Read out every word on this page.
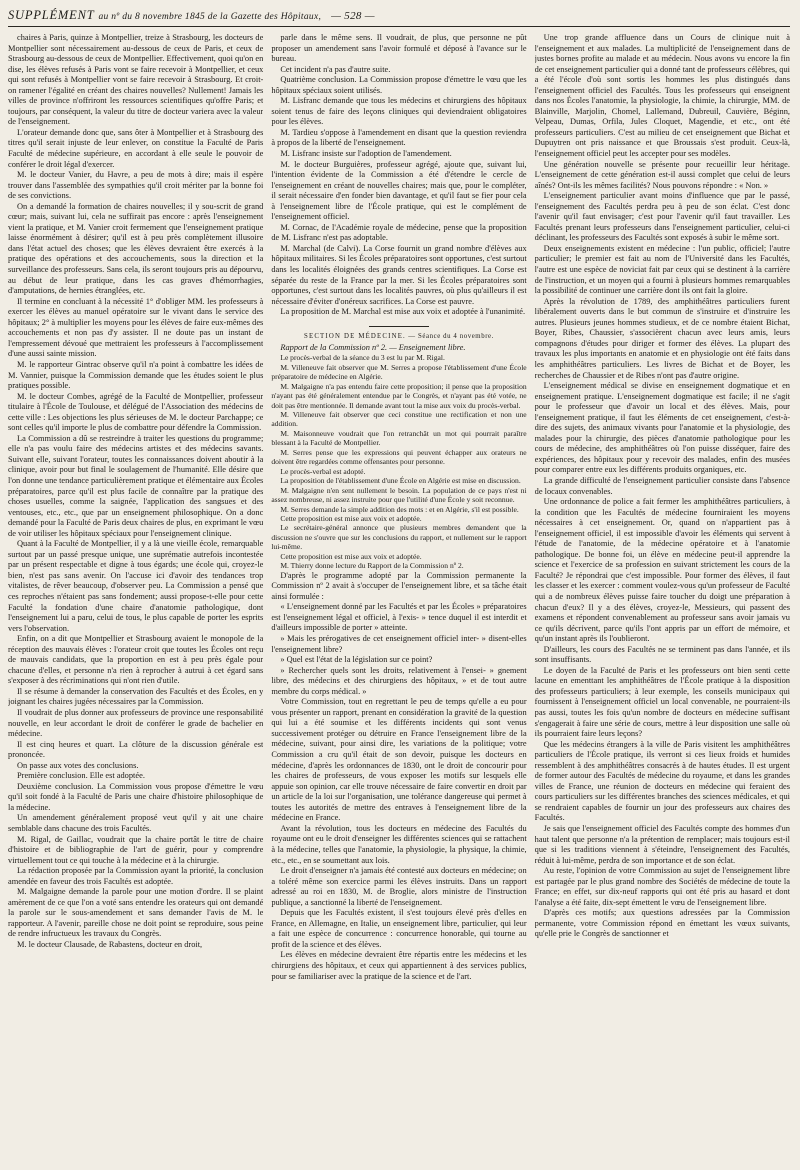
SUPPLÉMENT au nº du 8 novembre 1845 de la Gazette des Hôpitaux, — 528 —

chaires à Paris, quinze à Montpellier, treize à Strasbourg, les docteurs de Montpellier sont nécessairement au-dessous de ceux de Paris, et ceux de Strasbourg au-dessous de ceux de Montpellier. Effectivement, quoi qu'on en dise, les élèves refusés à Paris vont se faire recevoir à Montpellier, et ceux qui sont refusés à Montpellier vont se faire recevoir à Strasbourg. Et croit-on ramener l'égalité en créant des chaires nouvelles? Nullement! Jamais les villes de province n'offriront les ressources scientifiques qu'offre Paris; et toujours, par conséquent, la valeur du titre de docteur variera avec la valeur de l'enseignement.

L'orateur demande donc que, sans ôter à Montpellier et à Strasbourg des titres qu'il serait injuste de leur enlever, on constitue la Faculté de Paris Faculté de médecine supérieure, en accordant à elle seule le pouvoir de conférer le droit légal d'exercer.

M. le docteur Vanier, du Havre, a peu de mots à dire; mais il espère trouver dans l'assemblée des sympathies qu'il croit mériter par la bonne foi de ses convictions.

On a demandé la formation de chaires nouvelles; il y sou-scrit de grand cœur; mais, suivant lui, cela ne suffirait pas encore : après l'enseignement vient la pratique, et M. Vanier croit fermement que l'enseignement pratique laisse énormément à désirer; qu'il est à peu près complètement illusoire dans l'état actuel des choses; que les élèves devraient être exercés à la pratique des opérations et des accouchements, sous la direction et la surveillance des professeurs. Sans cela, ils seront toujours pris au dépourvu, au début de leur pratique, dans les cas graves d'hémorrhagies, d'amputations, de hernies étranglées, etc.

Il termine en concluant à la nécessité 1° d'obliger MM. les professeurs à exercer les élèves au manuel opératoire sur le vivant dans le service des hôpitaux; 2° à multiplier les moyens pour les élèves de faire eux-mêmes des accouchements et non pas d'y assister. Il ne doute pas un instant de l'empressement dévoué que mettraient les professeurs à l'accomplissement d'une aussi sainte mission.

M. le rapporteur Gintrac observe qu'il n'a point à combattre les idées de M. Vannier, puisque la Commission demande que les études soient le plus pratiques possible.

M. le docteur Combes, agrégé de la Faculté de Montpellier, professeur titulaire à l'École de Toulouse, et délégué de l'Association des médecins de cette ville : Les objections les plus sérieuses de M. le docteur Parchappe; ce sont celles qu'il importe le plus de combattre pour défendre la Commission.

La Commission a dû se restreindre à traiter les questions du programme; elle n'a pas voulu faire des médecins artistes et des médecins savants. Suivant elle, suivant l'orateur, toutes les connaissances doivent aboutir à la clinique, avoir pour but final le soulagement de l'humanité. Elle désire que l'on donne une tendance particulièrement pratique et élémentaire aux Écoles préparatoires, parce qu'il est plus facile de connaître par la pratique des choses usuelles, comme la saignée, l'application des sangsues et des ventouses, etc., etc., que par un enseignement philosophique. On a donc demandé pour la Faculté de Paris deux chaires de plus, en exprimant le vœu de voir utiliser les hôpitaux spéciaux pour l'enseignement clinique.

Quant à la Faculté de Montpellier, il y a là une vieille école, remarquable surtout par un passé presque unique, une suprématie autrefois incontestée par un présent respectable et digne à tous égards; une école qui, croyez-le bien, n'est pas sans avenir. On l'accuse ici d'avoir des tendances trop vitalistes, de rêver beaucoup, d'observer peu. La Commission a pensé que ces reproches n'étaient pas sans fondement; aussi propose-t-elle pour cette Faculté la fondation d'une chaire d'anatomie pathologique, dont l'enseignement lui a paru, celui de tous, le plus capable de porter les esprits vers l'observation.

Enfin, on a dit que Montpellier et Strasbourg avaient le monopole de la réception des mauvais élèves : l'orateur croit que toutes les Écoles ont reçu de mauvais candidats, que la proportion en est à peu près égale pour chacune d'elles, et personne n'a rien à reprocher à autrui à cet égard sans s'exposer à des récriminations qui n'ont rien d'utile.

Il se résume à demander la conservation des Facultés et des Écoles, en y joignant les chaires jugées nécessaires par la Commission.

Il voudrait de plus donner aux professeurs de province une responsabilité nouvelle, en leur accordant le droit de conférer le grade de bachelier en médecine.

Il est cinq heures et quart. La clôture de la discussion générale est prononcée.

On passe aux votes des conclusions.

Première conclusion. Elle est adoptée.

Deuxième conclusion. La Commission vous propose d'émettre le vœu qu'il soit fondé à la Faculté de Paris une chaire d'histoire philosophique de la médecine.

Un amendement généralement proposé veut qu'il y ait une chaire semblable dans chacune des trois Facultés.

M. Rigal, de Gaillac, voudrait que la chaire portât le titre de chaire d'histoire et de bibliographie de l'art de guérir, pour y comprendre virtuellement tout ce qui touche à la médecine et à la chirurgie.

La rédaction proposée par la Commission ayant la priorité, la conclusion amendée en faveur des trois Facultés est adoptée.

M. Malgaigne demande la parole pour une motion d'ordre. Il se plaint amèrement de ce que l'on a voté sans entendre les orateurs qui ont demandé la parole sur le sous-amendement et sans demander l'avis de M. le rapporteur. A l'avenir, pareille chose ne doit point se reproduire, sous peine de rendre infructueux les travaux du Congrès.

M. le docteur Clausade, de Rabastens, docteur en droit,

parle dans le même sens. Il voudrait, de plus, que personne ne pût proposer un amendement sans l'avoir formulé et déposé à l'avance sur le bureau.

Cet incident n'a pas d'autre suite.

Quatrième conclusion. La Commission propose d'émettre le vœu que les hôpitaux spéciaux soient utilisés.

M. Lisfranc demande que tous les médecins et chirurgiens des hôpitaux soient tenus de faire des leçons cliniques qui deviendraient obligatoires pour les élèves.

M. Tardieu s'oppose à l'amendement en disant que la question reviendra à propos de la liberté de l'enseignement.

M. Lisfranc insiste sur l'adoption de l'amendement.

M. le docteur Burguières, professeur agrégé, ajoute que, suivant lui, l'intention évidente de la Commission a été d'étendre le cercle de l'enseignement en créant de nouvelles chaires; mais que, pour le compléter, il serait nécessaire d'en fonder bien davantage, et qu'il faut se fier pour cela à l'enseignement libre de l'École pratique, qui est le complément de l'enseignement officiel.

M. Cornac, de l'Académie royale de médecine, pense que la proposition de M. Lisfranc n'est pas adoptable.

M. Marchal (de Calvi). La Corse fournit un grand nombre d'élèves aux hôpitaux militaires. Si les Écoles préparatoires sont opportunes, c'est surtout dans les localités éloignées des grands centres scientifiques. La Corse est séparée du reste de la France par la mer. Si les Écoles préparatoires sont opportunes, c'est surtout dans les localités pauvres, où plus qu'ailleurs il est nécessaire d'éviter d'onéreux sacrifices. La Corse est pauvre.

La proposition de M. Marchal est mise aux voix et adoptée à l'unanimité.

SECTION DE MÉDECINE. — Séance du 4 novembre.

Rapport de la Commission nº 2. — Enseignement libre.

Le procès-verbal de la séance du 3 est lu par M. Rigal.

M. Villeneuve fait observer que M. Serres a propose l'établissement d'une École préparatoire de médecine en Algérie.

M. Malgaigne n'a pas entendu faire cette proposition; il pense que la proposition n'ayant pas été généralement entendue par le Congrès, et n'ayant pas été votée, ne doit pas être mentionnée. Il demande avant tout la mise aux voix du procès-verbal.

M. Villeneuve fait observer que ceci constitue une rectification et non une addition.

M. Maisonneuve voudrait que l'on retranchât un mot qui pourrait paraître blessant à la Faculté de Montpellier.

M. Serres pense que les expressions qui peuvent échapper aux orateurs ne doivent être regardées comme offensantes pour personne.

Le procès-verbal est adopté.

La proposition de l'établissement d'une École en Algérie est mise en discussion.

M. Malgaigne n'en sent nullement le besoin. La population de ce pays n'est ni assez nombreuse, ni assez instruite pour que l'utilité d'une École y soit reconnue.

M. Serres demande la simple addition des mots : et en Algérie, s'il est possible.

Cette proposition est mise aux voix et adoptée.

Le secrétaire-général annonce que plusieurs membres demandent que la discussion ne s'ouvre que sur les conclusions du rapport, et nullement sur le rapport lui-même.

Cette proposition est mise aux voix et adoptée.

M. Thierry donne lecture du Rapport de la Commission nº 2.

D'après le programme adopté par la Commission permanente la Commission nº 2 avait à s'occuper de l'enseignement libre, et sa tâche était ainsi formulée :

« L'enseignement donné par les Facultés et par les Écoles » préparatoires est l'enseignement légal et officiel, à l'exis- » tence duquel il est interdit et d'ailleurs impossible de porter » atteinte.

» Mais les prérogatives de cet enseignement officiel inter- » disent-elles l'enseignement libre?

» Quel est l'état de la législation sur ce point?

» Rechercher quels sont les droits, relativement à l'ensei- » gnement libre, des médecins et des chirurgiens des hôpitaux, » et de tout autre membre du corps médical. »

Votre Commission, tout en regrettant le peu de temps qu'elle a eu pour vous présenter un rapport, prenant en considération la gravité de la question qui lui a été soumise et les différents incidents qui sont venus successivement protéger ou détruire en France l'enseignement libre de la médecine, suivant, pour ainsi dire, les variations de la politique; votre Commission a cru qu'il était de son devoir, puisque les docteurs en médecine, d'après les ordonnances de 1830, ont le droit de concourir pour les chaires de professeurs, de vous exposer les motifs sur lesquels elle appuie son opinion, car elle trouve nécessaire de faire convertir en droit par un article de la loi sur l'organisation, une tolérance dangereuse qui permet à toutes les autorités de mettre des entraves à l'enseignement libre de la médecine en France.

Avant la révolution, tous les docteurs en médecine des Facultés du royaume ont eu le droit d'enseigner les différentes sciences qui se rattachent à la médecine, telles que l'anatomie, la physiologie, la physique, la chimie, etc., etc., en se soumettant aux lois.

Le droit d'enseigner n'a jamais été contesté aux docteurs en médecine; on a toléré même son exercice parmi les élèves instruits. Dans un rapport adressé au roi en 1830, M. de Broglie, alors ministre de l'instruction publique, a sanctionné la liberté de l'enseignement.

Depuis que les Facultés existent, il s'est toujours élevé près d'elles en France, en Allemagne, en Italie, un enseignement libre, particulier, qui leur a fait une espèce de concurrence : concurrence honorable, qui tourne au profit de la science et des élèves.

Les élèves en médecine devraient être répartis entre les médecins et les chirurgiens des hôpitaux, et ceux qui appartiennent à des services publics, pour se familiariser avec la pratique de la science et de l'art.

Une trop grande affluence dans un Cours de clinique nuit à l'enseignement et aux malades. La multiplicité de l'enseignement dans de justes bornes profite au malade et au médecin. Nous avons vu encore la fin de cet enseignement particulier qui a donné tant de professeurs célèbres, qui a été l'école d'où sont sortis les hommes les plus distingués dans l'enseignement officiel des Facultés. Tous les professeurs qui enseignent dans nos Écoles l'anatomie, la physiologie, la chimie, la chirurgie, MM. de Blainville, Marjolin, Chomel, Lallemand, Dubreuil, Cauvière, Béginn, Velpeau, Dumas, Orfila, Jules Cloquet, Magendie, et etc., ont été professeurs particuliers. C'est au milieu de cet enseignement que Bichat et Dupuytren ont pris naissance et que Broussais s'est produit. Ceux-là, l'enseignement officiel peut les accepter pour ses modèles.

Une génération nouvelle se présente pour recueillir leur héritage. L'enseignement de cette génération est-il aussi complet que celui de leurs aînés? Ont-ils les mêmes facilités? Nous pouvons répondre : « Non. »

L'enseignement particulier avant moins d'influence que par le passé, l'enseignement des Facultés perdra peu à peu de son éclat. C'est donc l'avenir qu'il faut envisager; c'est pour l'avenir qu'il faut travailler. Les Facultés prenant leurs professeurs dans l'enseignement particulier, celui-ci déclinant, les professeurs des Facultés sont exposés à subir le même sort.

Deux enseignements existent en médecine : l'un public, officiel; l'autre particulier; le premier est fait au nom de l'Université dans les Facultés, l'autre est une espèce de noviciat fait par ceux qui se destinent à la carrière de l'instruction, et un moyen qui a fourni à plusieurs hommes remarquables la possibilité de continuer une carrière dont ils ont fait la gloire.

Après la révolution de 1789, des amphithéâtres particuliers furent libéralement ouverts dans le but commun de s'instruire et d'instruire les autres. Plusieurs jeunes hommes studieux, et de ce nombre étaient Bichat, Boyer, Ribes, Chaussier, s'associèrent chacun avec leurs amis, leurs compagnons d'études pour diriger et former des élèves. La plupart des travaux les plus importants en anatomie et en physiologie ont été faits dans les amphithéâtres particuliers. Les livres de Bichat et de Boyer, les recherches de Chaussier et de Ribes n'ont pas d'autre origine.

L'enseignement médical se divise en enseignement dogmatique et en enseignement pratique. L'enseignement dogmatique est facile; il ne s'agit pour le professeur que d'avoir un local et des élèves. Mais, pour l'enseignement pratique, il faut les éléments de cet enseignement, c'est-à-dire des sujets, des animaux vivants pour l'anatomie et la physiologie, des malades pour la chirurgie, des pièces d'anatomie pathologique pour les cours de médecine, des amphithéâtres où l'on puisse disséquer, faire des expériences, des hôpitaux pour y recevoir des malades, enfin des musées pour comparer entre eux les différents produits organiques, etc.

La grande difficulté de l'enseignement particulier consiste dans l'absence de locaux convenables.

Une ordonnance de police a fait fermer les amphithéâtres particuliers, à la condition que les Facultés de médecine fourniraient les moyens nécessaires à cet enseignement. Or, quand on n'appartient pas à l'enseignement officiel, il est impossible d'avoir les éléments qui servent à l'étude de l'anatomie, de la médecine opératoire et à l'anatomie pathologique. De bonne foi, un élève en médecine peut-il apprendre la science et l'exercice de sa profession en suivant strictement les cours de la Faculté? Je répondrai que c'est impossible. Pour former des élèves, il faut les classer et les exercer : comment voulez-vous qu'un professeur de Faculté qui a de nombreux élèves puisse faire toucher du doigt une préparation à chacun d'eux? Il y a des élèves, croyez-le, Messieurs, qui passent des examens et répondent convenablement au professeur sans avoir jamais vu ce qu'ils décrivent, parce qu'ils l'ont appris par un effort de mémoire, et qu'un instant après ils l'oublieront.

D'ailleurs, les cours des Facultés ne se terminent pas dans l'année, et ils sont insuffisants.

Le doyen de la Faculté de Paris et les professeurs ont bien senti cette lacune en ementtant les amphithéâtres de l'École pratique à la disposition des professeurs particuliers; à leur exemple, les conseils municipaux qui fournissent à l'enseignement officiel un local convenable, ne pourraient-ils pas aussi, toutes les fois qu'un nombre de docteurs en médecine suffisant s'engagerait à faire une série de cours, mettre à leur disposition une salle où ils pourraient faire leurs leçons?

Que les médecins étrangers à la ville de Paris visitent les amphithéâtres particuliers de l'École pratique, ils verront si ces lieux froids et humides ressemblent à des amphithéâtres consacrés à de hautes études. Il est urgent de former autour des Facultés de médecine du royaume, et dans les grandes villes de France, une réunion de docteurs en médecine qui feraient des cours particuliers sur les différentes branches des sciences médicales, et qui se rendraient capables de fournir un jour des professeurs aux chaires des Facultés.

Je sais que l'enseignement officiel des Facultés compte des hommes d'un haut talent que personne n'a la prétention de remplacer; mais toujours est-il que si les traditions viennent à s'éteindre, l'enseignement des Facultés, réduit à lui-même, perdra de son importance et de son éclat.

Au reste, l'opinion de votre Commission au sujet de l'enseignement libre est partagée par le plus grand nombre des Sociétés de médecine de toute la France; en effet, sur dix-neuf rapports qui ont été pris au hasard et dont l'analyse a été faite, dix-sept émettent le vœu de l'enseignement libre.

D'après ces motifs; aux questions adressées par la Commission permanente, votre Commission répond en émettant les vœux suivants, qu'elle prie le Congrès de sanctionner et
